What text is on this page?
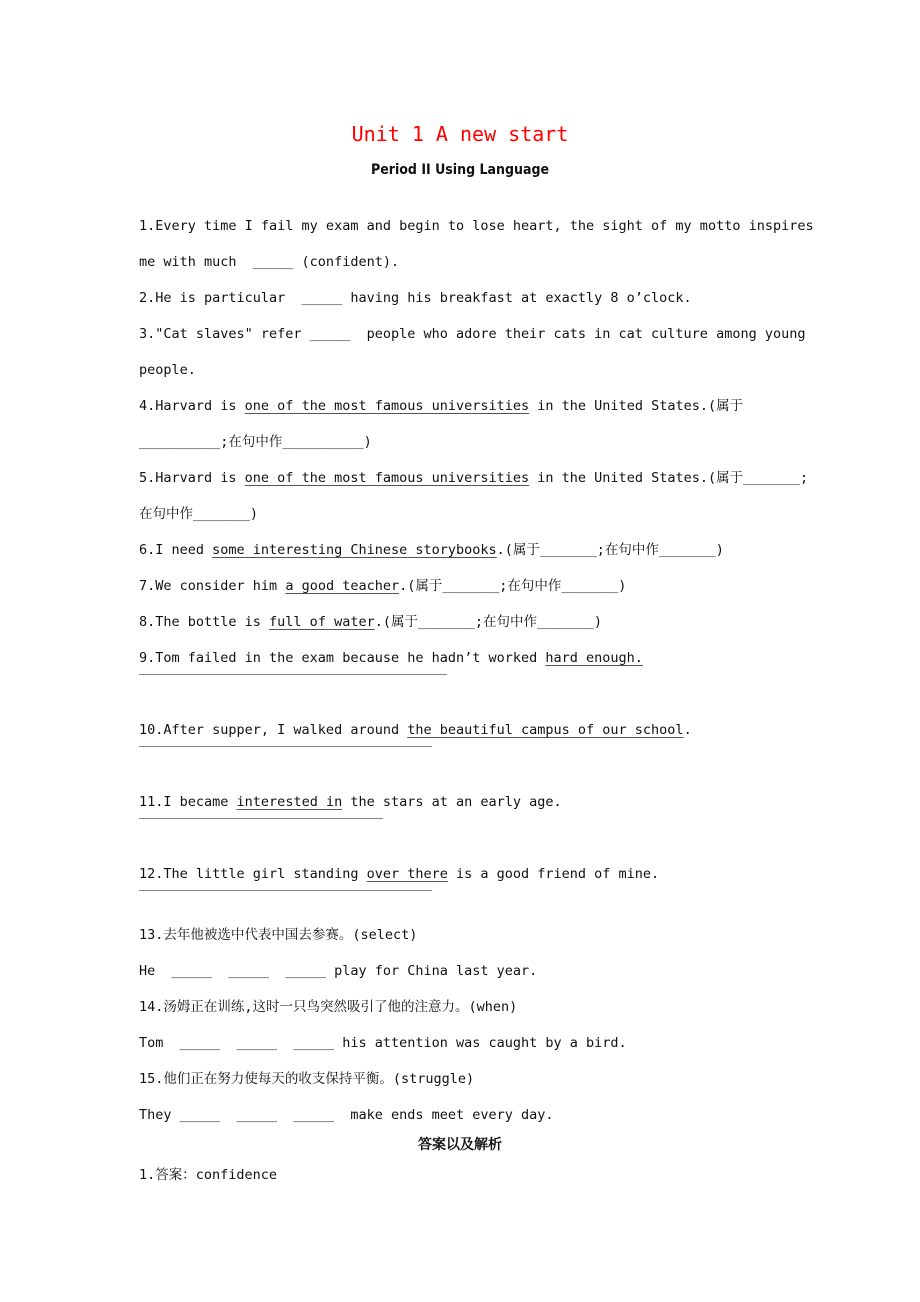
Unit 1 A new start
Period II Using Language
1.Every time I fail my exam and begin to lose heart, the sight of my motto inspires
me with much  _____ (confident).
2.He is particular  _____ having his breakfast at exactly 8 o’clock.
3."Cat slaves" refer _____  people who adore their cats in cat culture among young
people.
4.Harvard is one of the most famous universities in the United States.(属于
__________;在句中作__________)
5.Harvard is one of the most famous universities in the United States.(属于_______;
在句中作_______)
6.I need some interesting Chinese storybooks.(属于_______;在句中作_______)
7.We consider him a good teacher.(属于_______;在句中作_______)
8.The bottle is full of water.(属于_______;在句中作_______)
9.Tom failed in the exam because he hadn’t worked hard enough.
10.After supper, I walked around the beautiful campus of our school.
11.I became interested in the stars at an early age.
12.The little girl standing over there is a good friend of mine.
13.去年他被选中代表中国去参赛。(select)
He  _____  _____  _____ play for China last year.
14.汤姆正在训练,这时一只鸟突然吸引了他的注意力。(when)
Tom  _____  _____  _____ his attention was caught by a bird.
15.他们正在努力使每天的收支保持平衡。(struggle)
They _____  _____  _____  make ends meet every day.
答案以及解析
1.答案：confidence
